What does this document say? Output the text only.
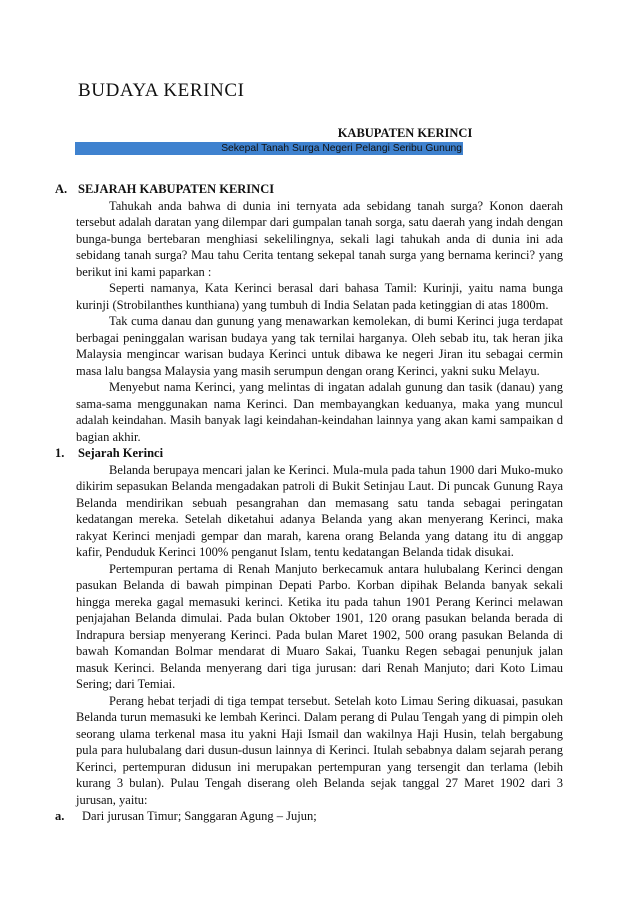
BUDAYA KERINCI
KABUPATEN KERINCI
Sekepal Tanah Surga Negeri Pelangi Seribu Gunung
A. SEJARAH KABUPATEN KERINCI

Tahukah anda bahwa di dunia ini ternyata ada sebidang tanah surga? Konon daerah tersebut adalah daratan yang dilempar dari gumpalan tanah sorga, satu daerah yang indah dengan bunga-bunga bertebaran menghiasi sekelilingnya, sekali lagi tahukah anda di dunia ini ada sebidang tanah surga? Mau tahu Cerita tentang sekepal tanah surga yang bernama kerinci? yang berikut ini kami paparkan :

Seperti namanya, Kata Kerinci berasal dari bahasa Tamil: Kurinji, yaitu nama bunga kurinji (Strobilanthes kunthiana) yang tumbuh di India Selatan pada ketinggian di atas 1800m.

Tak cuma danau dan gunung yang menawarkan kemolekan, di bumi Kerinci juga terdapat berbagai peninggalan warisan budaya yang tak ternilai harganya. Oleh sebab itu, tak heran jika Malaysia mengincar warisan budaya Kerinci untuk dibawa ke negeri Jiran itu sebagai cermin masa lalu bangsa Malaysia yang masih serumpun dengan orang Kerinci, yakni suku Melayu.

Menyebut nama Kerinci, yang melintas di ingatan adalah gunung dan tasik (danau) yang sama-sama menggunakan nama Kerinci. Dan membayangkan keduanya, maka yang muncul adalah keindahan. Masih banyak lagi keindahan-keindahan lainnya yang akan kami sampaikan d bagian akhir.

1. Sejarah Kerinci

Belanda berupaya mencari jalan ke Kerinci. Mula-mula pada tahun 1900 dari Muko-muko dikirim sepasukan Belanda mengadakan patroli di Bukit Setinjau Laut. Di puncak Gunung Raya Belanda mendirikan sebuah pesangrahan dan memasang satu tanda sebagai peringatan kedatangan mereka. Setelah diketahui adanya Belanda yang akan menyerang Kerinci, maka rakyat Kerinci menjadi gempar dan marah, karena orang Belanda yang datang itu di anggap kafir, Penduduk Kerinci 100% penganut Islam, tentu kedatangan Belanda tidak disukai.

Pertempuran pertama di Renah Manjuto berkecamuk antara hulubalang Kerinci dengan pasukan Belanda di bawah pimpinan Depati Parbo. Korban dipihak Belanda banyak sekali hingga mereka gagal memasuki kerinci. Ketika itu pada tahun 1901 Perang Kerinci melawan penjajahan Belanda dimulai. Pada bulan Oktober 1901, 120 orang pasukan belanda berada di Indrapura bersiap menyerang Kerinci. Pada bulan Maret 1902, 500 orang pasukan Belanda di bawah Komandan Bolmar mendarat di Muaro Sakai, Tuanku Regen sebagai penunjuk jalan masuk Kerinci. Belanda menyerang dari tiga jurusan: dari Renah Manjuto; dari Koto Limau Sering; dari Temiai.

Perang hebat terjadi di tiga tempat tersebut. Setelah koto Limau Sering dikuasai, pasukan Belanda turun memasuki ke lembah Kerinci. Dalam perang di Pulau Tengah yang di pimpin oleh seorang ulama terkenal masa itu yakni Haji Ismail dan wakilnya Haji Husin, telah bergabung pula para hulubalang dari dusun-dusun lainnya di Kerinci. Itulah sebabnya dalam sejarah perang Kerinci, pertempuran didusun ini merupakan pertempuran yang tersengit dan terlama (lebih kurang 3 bulan). Pulau Tengah diserang oleh Belanda sejak tanggal 27 Maret 1902 dari 3 jurusan, yaitu:

a. Dari jurusan Timur; Sanggaran Agung – Jujun;
